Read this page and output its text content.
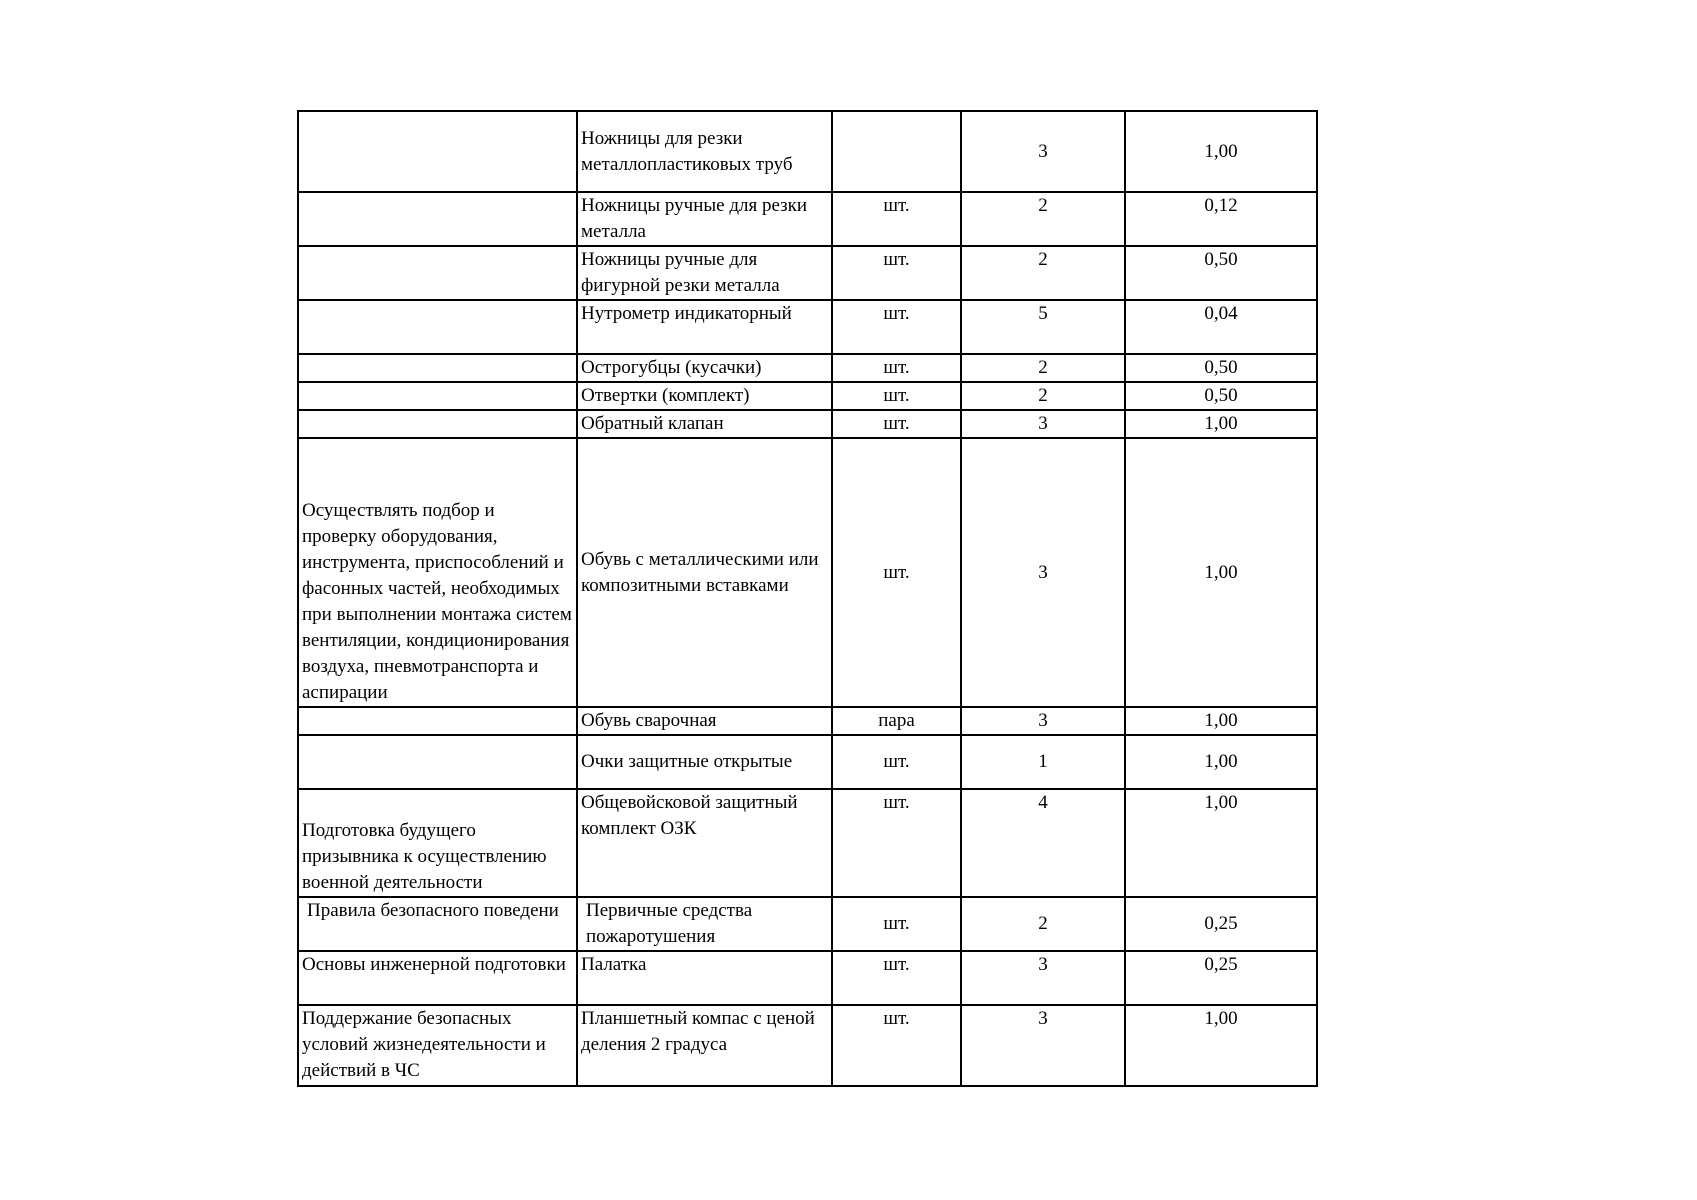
	Ножницы для резки металлопластиковых труб		3	1,00
	Ножницы ручные для резки металла	шт.	2	0,12
	Ножницы ручные для фигурной резки металла	шт.	2	0,50
	Нутрометр индикаторный	шт.	5	0,04
	Острогубцы (кусачки)	шт.	2	0,50
	Отвертки (комплект)	шт.	2	0,50
	Обратный клапан	шт.	3	1,00
Осуществлять подбор и проверку оборудования, инструмента, приспособлений и фасонных частей, необходимых при выполнении монтажа систем вентиляции, кондиционирования воздуха, пневмотранспорта и аспирации	Обувь с металлическими или композитными вставками	шт.	3	1,00
	Обувь сварочная	пара	3	1,00
	Очки защитные открытые	шт.	1	1,00
Подготовка будущего призывника к осуществлению военной деятельности	Общевойсковой защитный комплект ОЗК	шт.	4	1,00
Правила безопасного поведени	Первичные средства пожаротушения	шт.	2	0,25
Основы инженерной подготовки	Палатка	шт.	3	0,25
Поддержание безопасных условий жизнедеятельности и действий в ЧС	Планшетный компас с ценой деления 2 градуса	шт.	3	1,00
